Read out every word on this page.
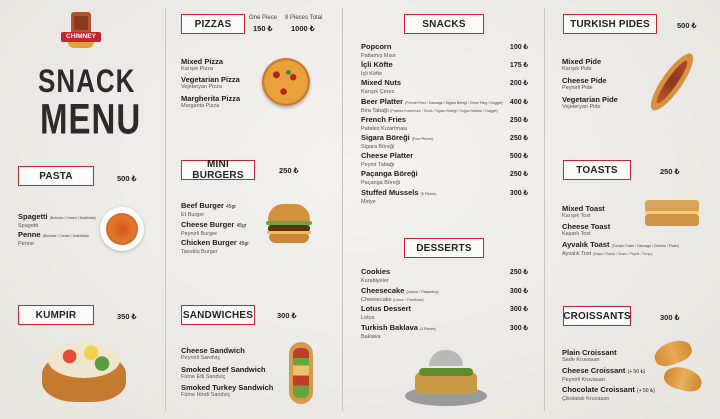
CHIMNEY
SNACK
MENU
PASTA	500 ₺
Spagetti (Bolonez / Cream / Arabbiata)
Spagetti
Penne (Bolonez / Cream / Arabbiata)
Penne
KUMPIR	350 ₺
PIZZAS
One Piece
150 ₺
8 Pieces Total
1000 ₺
Mixed Pizza
Karışık Pizza
Vegetarian Pizza
Vejeteryan Pizza
Margherita Pizza
Margarita Pizza
MINI BURGERS	250 ₺
Beef Burger 45gr
Et Burger
Cheese Burger 45gr
Peynirli Burger
Chicken Burger 45gr
Tavuklu Burger
SANDWICHES	300 ₺
Cheese Sandwich
Peynirli Sandviç
Smoked Beef Sandwich
Füme Etli Sandviç
Smoked Turkey Sandwich
Füme Hindi Sandviç
SNACKS
Popcorn
Patlamış Mısır
100 ₺
İçli Köfte
İçli Köfte
175 ₺
Mixed Nuts
Karışık Çerez
200 ₺
Beer Platter (French Fries / Sausage / Sigara Böreği / Onion Ring / Nugget)
Bira Tabağı (Patates Kızartması / Sosis / Sigara Böreği / Soğan Halkası / Nugget)
400 ₺
French Fries
Patates Kızartması
250 ₺
Sigara Böreği (Four Pieces)
Sigara Böreği
250 ₺
Cheese Platter
Peynir Tabağı
500 ₺
Paçanga Böreği
Paçanga Böreği
250 ₺
Stuffed Mussels (8 Pieces)
Midye
300 ₺
DESSERTS
Cookies
Kurabiyeler
250 ₺
Cheesecake (Lemon / Raspberry)
Cheesecake (Limon / Frambuaz)
300 ₺
Lotus Dessert
Lotus
300 ₺
Turkish Baklava (3 Pieces)
Baklava
300 ₺
TURKISH PIDES	500 ₺
Mixed Pide
Karışık Pide
Cheese Pide
Peynirli Pide
Vegetarian Pide
Vejeteryan Pide
TOASTS	250 ₺
Mixed Toast
Karışık Tost
Cheese Toast
Kaşarlı Tost
Ayvalık Toast (Tomato Paste / Sausage / Cheese / Pickle)
Ayvalık Tost (Salça / Sucuk / Sosis / Peynir / Turşu)
CROISSANTS	300 ₺
Plain Croissant
Sade Kruvasan
Cheese Croissant (+ 50 ₺)
Peynirli Kruvasan
Chocolate Croissant (+ 50 ₺)
Çikolatalı Kruvasan
